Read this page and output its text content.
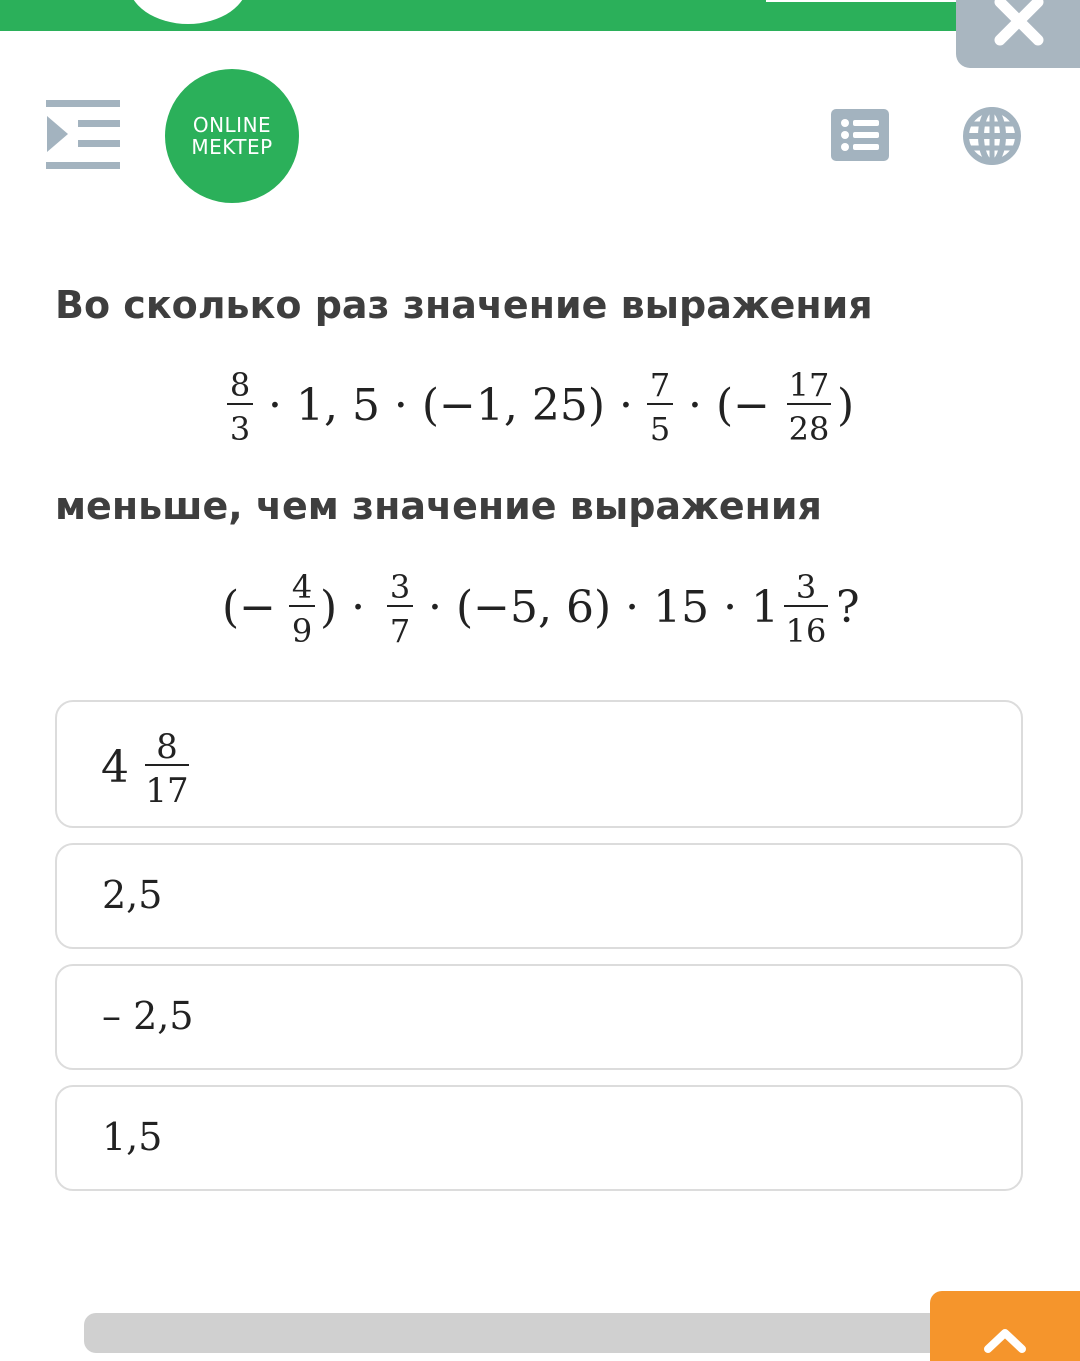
ONLINE
MEKTEP
Во сколько раз значение выражения
8
3 · 1, 5 · (−1, 25) · 7
5 · (− 17
28 )
меньше, чем значение выражения
(− 4
9 ) · 3
7 · (−5, 6) · 15 · 1 3
16 ?
4 8
17
2,5
– 2,5
1,5
